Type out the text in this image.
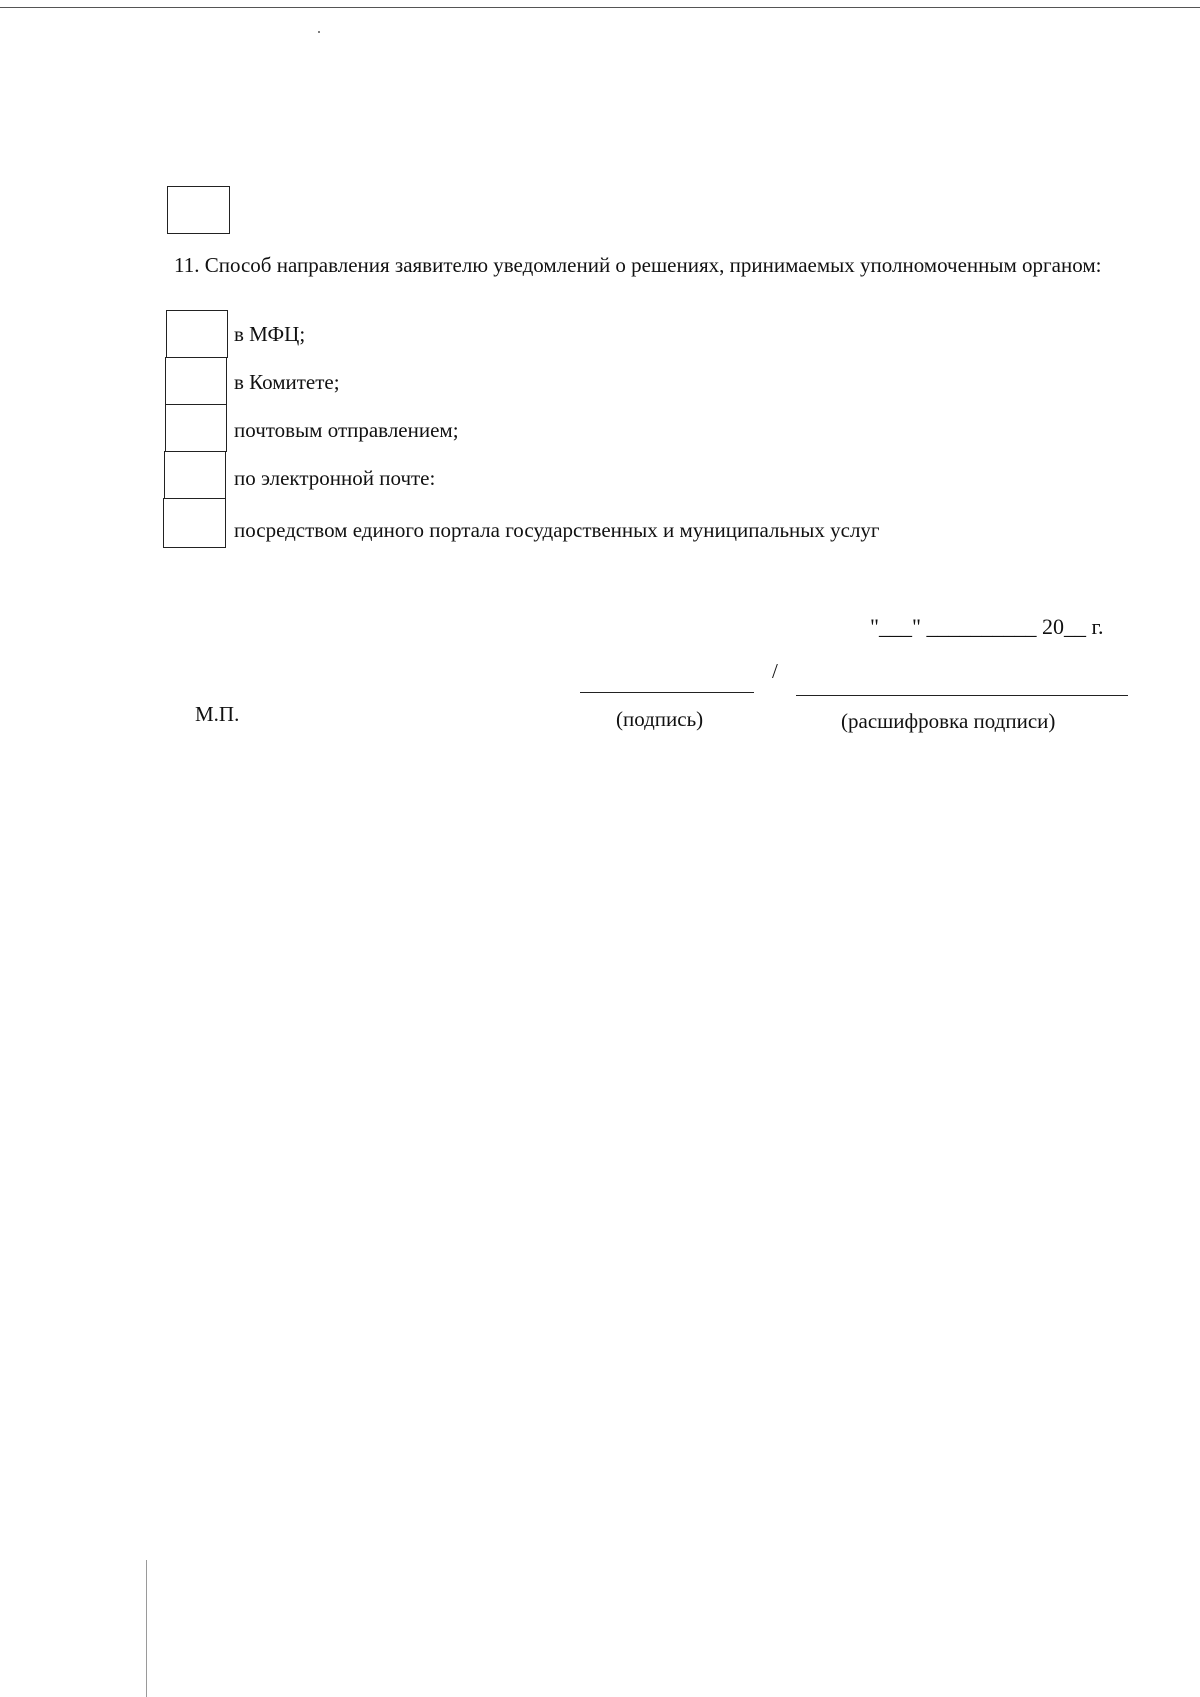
11. Способ направления заявителю уведомлений о решениях, принимаемых уполномоченным органом:
в МФЦ;
в Комитете;
почтовым отправлением;
по электронной почте:
посредством единого портала государственных и муниципальных услуг
"___" __________ 20__ г.
/
М.П.	(подпись)	(расшифровка подписи)
